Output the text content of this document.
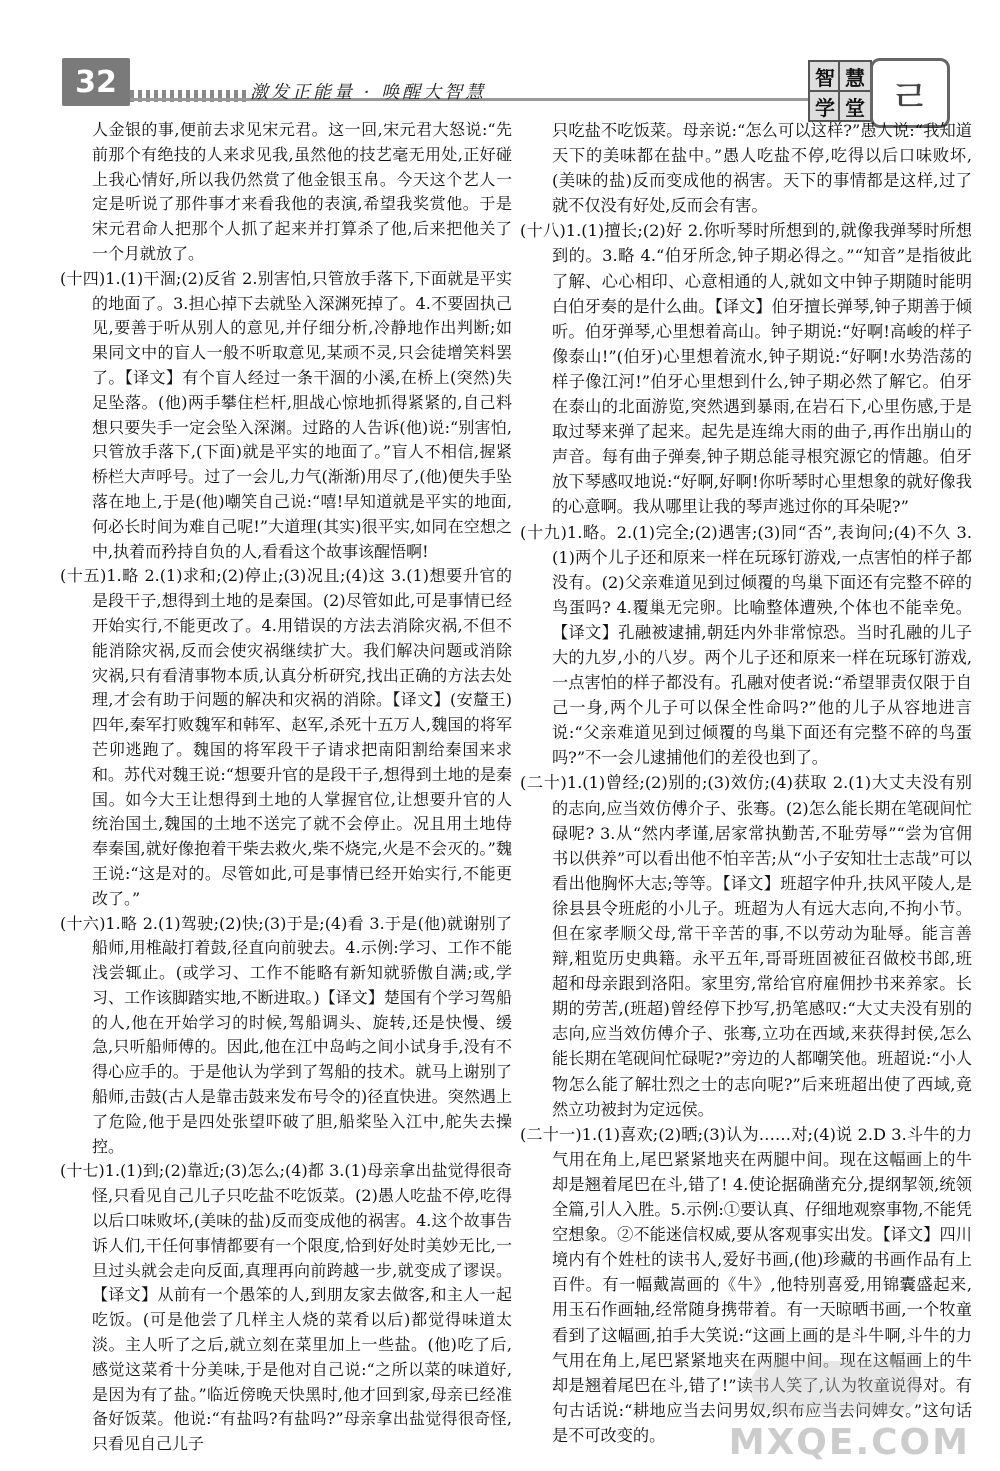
32	激发正能量 · 唤醒大智慧
智 慧
学 堂 ㄹ

人金银的事,便前去求见宋元君。这一回,宋元君大怒说:“先前那个有绝技的人来求见我,虽然他的技艺毫无用处,正好碰上我心情好,所以我仍然赏了他金银玉帛。今天这个艺人一定是听说了那件事才来看我他的表演,希望我奖赏他。于是宋元君命人把那个人抓了起来并打算杀了他,后来把他关了一个月就放了。

(十四)1.(1)干涸;(2)反省 2.别害怕,只管放手落下,下面就是平实的地面了。3.担心掉下去就坠入深渊死掉了。4.不要固执己见,要善于听从别人的意见,并仔细分析,冷静地作出判断;如果同文中的盲人一般不听取意见,某顽不灵,只会徒增笑料罢了。【译文】有个盲人经过一条干涸的小溪,在桥上(突然)失足坠落。(他)两手攀住栏杆,胆战心惊地抓得紧紧的,自己料想只要失手一定会坠入深渊。过路的人告诉(他)说:“别害怕,只管放手落下,(下面)就是平实的地面了。”盲人不相信,握紧桥栏大声呼号。过了一会儿,力气(渐渐)用尽了,(他)便失手坠落在地上,于是(他)嘲笑自己说:“嘻!早知道就是平实的地面,何必长时间为难自己呢!”大道理(其实)很平实,如同在空想之中,执着而矜持自负的人,看看这个故事该醒悟啊!

(十五)1.略 2.(1)求和;(2)停止;(3)况且;(4)这 3.(1)想要升官的是段干子,想得到土地的是秦国。(2)尽管如此,可是事情已经开始实行,不能更改了。4.用错误的方法去消除灾祸,不但不能消除灾祸,反而会使灾祸继续扩大。我们解决问题或消除灾祸,只有看清事物本质,认真分析研究,找出正确的方法去处理,才会有助于问题的解决和灾祸的消除。【译文】(安釐王)四年,秦军打败魏军和韩军、赵军,杀死十五万人,魏国的将军芒卯逃跑了。魏国的将军段干子请求把南阳割给秦国来求和。苏代对魏王说:“想要升官的是段干子,想得到土地的是秦国。如今大王让想得到土地的人掌握官位,让想要升官的人统治国土,魏国的土地不送完了就不会停止。况且用土地侍奉秦国,就好像抱着干柴去救火,柴不烧完,火是不会灭的。”魏王说:“这是对的。尽管如此,可是事情已经开始实行,不能更改了。”

(十六)1.略 2.(1)驾驶;(2)快;(3)于是;(4)看 3.于是(他)就谢别了船师,用椎敲打着鼓,径直向前驶去。4.示例:学习、工作不能浅尝辄止。(或学习、工作不能略有新知就骄傲自满;或,学习、工作该脚踏实地,不断进取。)【译文】楚国有个学习驾船的人,他在开始学习的时候,驾船调头、旋转,还是快慢、缓急,只听船师傅的。因此,他在江中岛屿之间小试身手,没有不得心应手的。于是他认为学到了驾船的技术。就马上谢别了船师,击鼓(古人是靠击鼓来发布号令的)径直快进。突然遇上了危险,他于是四处张望吓破了胆,船桨坠入江中,舵失去操控。

(十七)1.(1)到;(2)靠近;(3)怎么;(4)都 3.(1)母亲拿出盐觉得很奇怪,只看见自己儿子只吃盐不吃饭菜。(2)愚人吃盐不停,吃得以后口味败坏,(美味的盐)反而变成他的祸害。4.这个故事告诉人们,干任何事情都要有一个限度,恰到好处时美妙无比,一旦过头就会走向反面,真理再向前跨越一步,就变成了谬误。【译文】从前有一个愚笨的人,到朋友家去做客,和主人一起吃饭。(可是他尝了几样主人烧的菜肴以后)都觉得味道太淡。主人听了之后,就立刻在菜里加上一些盐。(他)吃了后,感觉这菜肴十分美味,于是他对自己说:“之所以菜的味道好,是因为有了盐。”临近傍晚天快黑时,他才回到家,母亲已经准备好饭菜。他说:“有盐吗?有盐吗?”母亲拿出盐觉得很奇怪,只看见自己儿子

只吃盐不吃饭菜。母亲说:“怎么可以这样?”愚人说:“我知道天下的美味都在盐中。”愚人吃盐不停,吃得以后口味败坏,(美味的盐)反而变成他的祸害。天下的事情都是这样,过了就不仅没有好处,反而会有害。

(十八)1.(1)擅长;(2)好 2.你听琴时所想到的,就像我弹琴时所想到的。3.略 4.“伯牙所念,钟子期必得之。”“知音”是指彼此了解、心心相印、心意相通的人,就如文中钟子期随时能明白伯牙奏的是什么曲。【译文】伯牙擅长弹琴,钟子期善于倾听。伯牙弹琴,心里想着高山。钟子期说:“好啊!高峻的样子像泰山!”(伯牙)心里想着流水,钟子期说:“好啊!水势浩荡的样子像江河!”伯牙心里想到什么,钟子期必然了解它。伯牙在泰山的北面游览,突然遇到暴雨,在岩石下,心里伤感,于是取过琴来弹了起来。起先是连绵大雨的曲子,再作出崩山的声音。每有曲子弹奏,钟子期总能寻根究源它的情趣。伯牙放下琴感叹地说:“好啊,好啊!你听琴时心里想象的就好像我的心意啊。我从哪里让我的琴声逃过你的耳朵呢?”

(十九)1.略。2.(1)完全;(2)遇害;(3)同“否”,表询问;(4)不久 3.(1)两个儿子还和原来一样在玩琢钉游戏,一点害怕的样子都没有。(2)父亲难道见到过倾覆的鸟巢下面还有完整不碎的鸟蛋吗? 4.覆巢无完卵。比喻整体遭殃,个体也不能幸免。【译文】孔融被逮捕,朝廷内外非常惊恐。当时孔融的儿子大的九岁,小的八岁。两个儿子还和原来一样在玩琢钉游戏,一点害怕的样子都没有。孔融对使者说:“希望罪责仅限于自己一身,两个儿子可以保全性命吗?”他的儿子从容地进言说:“父亲难道见到过倾覆的鸟巢下面还有完整不碎的鸟蛋吗?”不一会儿逮捕他们的差役也到了。

(二十)1.(1)曾经;(2)别的;(3)效仿;(4)获取 2.(1)大丈夫没有别的志向,应当效仿傅介子、张骞。(2)怎么能长期在笔砚间忙碌呢? 3.从“然内孝谨,居家常执勤苦,不耻劳辱”“尝为官佣书以供养”可以看出他不怕辛苦;从“小子安知壮士志哉”可以看出他胸怀大志;等等。【译文】班超字仲升,扶风平陵人,是徐县县令班彪的小儿子。班超为人有远大志向,不拘小节。但在家孝顺父母,常干辛苦的事,不以劳动为耻辱。能言善辩,粗览历史典籍。永平五年,哥哥班固被征召做校书郎,班超和母亲跟到洛阳。家里穷,常给官府雇佣抄书来养家。长期的劳苦,(班超)曾经停下抄写,扔笔感叹:“大丈夫没有别的志向,应当效仿傅介子、张骞,立功在西域,来获得封侯,怎么能长期在笔砚间忙碌呢?”旁边的人都嘲笑他。班超说:“小人物怎么能了解壮烈之士的志向呢?”后来班超出使了西域,竟然立功被封为定远侯。

(二十一)1.(1)喜欢;(2)晒;(3)认为……对;(4)说 2.D 3.斗牛的力气用在角上,尾巴紧紧地夹在两腿中间。现在这幅画上的牛却是翘着尾巴在斗,错了! 4.使论据确凿充分,提纲挈领,统领全篇,引人入胜。5.示例:①要认真、仔细地观察事物,不能凭空想象。②不能迷信权威,要从客观事实出发。【译文】四川境内有个姓杜的读书人,爱好书画,(他)珍藏的书画作品有上百件。有一幅戴嵩画的《牛》,他特别喜爱,用锦囊盛起来,用玉石作画轴,经常随身携带着。有一天晾晒书画,一个牧童看到了这幅画,拍手大笑说:“这画上画的是斗牛啊,斗牛的力气用在角上,尾巴紧紧地夹在两腿中间。现在这幅画上的牛却是翘着尾巴在斗,错了!”读书人笑了,认为牧童说得对。有句古话说:“耕地应当去问男奴,织布应当去问婢女。”这句话是不可改变的。	MXQE.COM
